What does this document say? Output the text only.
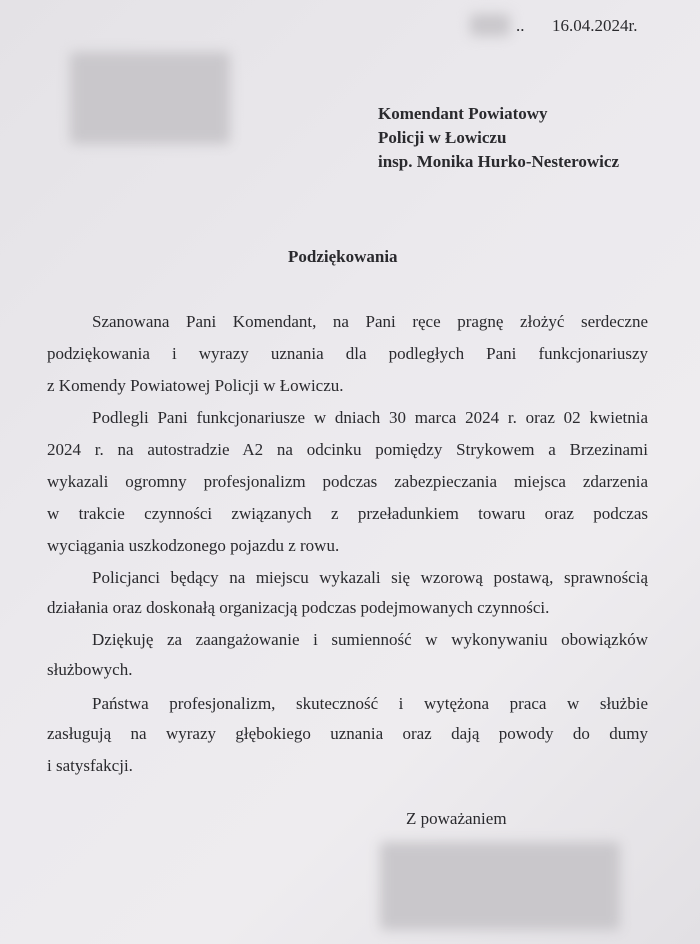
.. 16.04.2024r.
Komendant Powiatowy
Policji w Łowiczu
insp. Monika Hurko-Nesterowicz
Podziękowania
Szanowana Pani Komendant, na Pani ręce pragnę złożyć serdeczne
podziękowania i wyrazy uznania dla podległych Pani funkcjonariuszy
z Komendy Powiatowej Policji w Łowiczu.
Podlegli Pani funkcjonariusze w dniach 30 marca 2024 r. oraz 02 kwietnia
2024 r. na autostradzie A2 na odcinku pomiędzy Strykowem a Brzezinami
wykazali ogromny profesjonalizm podczas zabezpieczania miejsca zdarzenia
w trakcie czynności związanych z przeładunkiem towaru oraz podczas
wyciągania uszkodzonego pojazdu z rowu.
Policjanci będący na miejscu wykazali się wzorową postawą, sprawnością
działania oraz doskonałą organizacją podczas podejmowanych czynności.
Dziękuję za zaangażowanie i sumienność w wykonywaniu obowiązków
służbowych.
Państwa profesjonalizm, skuteczność i wytężona praca w służbie
zasługują na wyrazy głębokiego uznania oraz dają powody do dumy
i satysfakcji.
Z poważaniem
